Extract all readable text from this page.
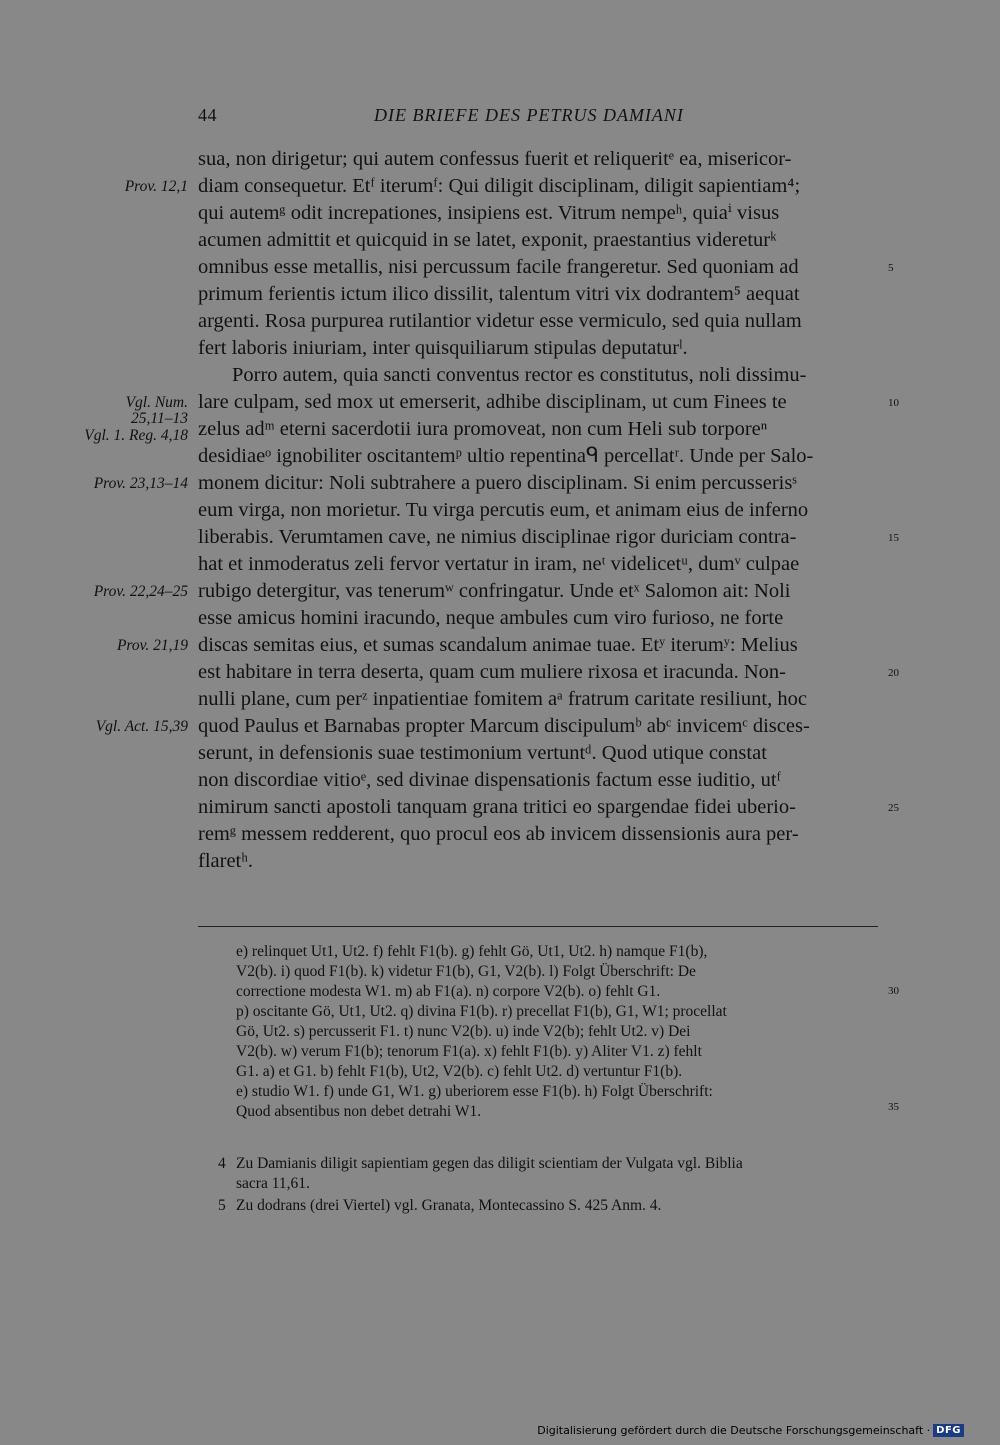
44	DIE BRIEFE DES PETRUS DAMIANI
sua, non dirigetur; qui autem confessus fuerit et reliqueritᵉ ea, misericor-
diam consequetur. Etᶠ iterumᶠ: Qui diligit disciplinam, diligit sapientiam⁴;
qui autemᵍ odit increpationes, insipiens est. Vitrum nempeʰ, quiaⁱ visus
acumen admittit et quicquid in se latet, exponit, praestantius videreturᵏ
omnibus esse metallis, nisi percussum facile frangeretur. Sed quoniam ad
primum ferientis ictum ilico dissilit, talentum vitri vix dodrantem⁵ aequat
argenti. Rosa purpurea rutilantior videtur esse vermiculo, sed quia nullam
fert laboris iniuriam, inter quisquiliarum stipulas deputaturˡ.
Porro autem, quia sancti conventus rector es constitutus, noli dissimu-
lare culpam, sed mox ut emerserit, adhibe disciplinam, ut cum Finees te
zelus adᵐ eterni sacerdotii iura promoveat, non cum Heli sub torporeⁿ
desidiaeᵒ ignobiliter oscitantemᵖ ultio repentinaᑫ percellatʳ. Unde per Salo-
monem dicitur: Noli subtrahere a puero disciplinam. Si enim percusserisˢ
eum virga, non morietur. Tu virga percutis eum, et animam eius de inferno
liberabis. Verumtamen cave, ne nimius disciplinae rigor duriciam contra-
hat et inmoderatus zeli fervor vertatur in iram, neᵗ videlicetᵘ, dumᵛ culpae
rubigo detergitur, vas tenerumʷ confringatur. Unde etˣ Salomon ait: Noli
esse amicus homini iracundo, neque ambules cum viro furioso, ne forte
discas semitas eius, et sumas scandalum animae tuae. Etʸ iterumʸ: Melius
est habitare in terra deserta, quam cum muliere rixosa et iracunda. Non-
nulli plane, cum perᶻ inpatientiae fomitem aᵃ fratrum caritate resiliunt, hoc
quod Paulus et Barnabas propter Marcum discipulumᵇ abᶜ invicemᶜ disces-
serunt, in defensionis suae testimonium vertuntᵈ. Quod utique constat
non discordiae vitioᵉ, sed divinae dispensationis factum esse iuditio, utᶠ
nimirum sancti apostoli tanquam grana tritici eo spargendae fidei uberio-
remᵍ messem redderent, quo procul eos ab invicem dissensionis aura per-
flaretʰ.
Prov. 12,1
Vgl. Num.
25,11–13
Vgl. 1. Reg. 4,18
Prov. 23,13–14
Prov. 22,24–25
Prov. 21,19
Vgl. Act. 15,39
5
10
15
20
25
30
35
e) relinquet Ut1, Ut2. f) fehlt F1(b). g) fehlt Gö, Ut1, Ut2. h) namque F1(b),
V2(b). i) quod F1(b). k) videtur F1(b), G1, V2(b). l) Folgt Überschrift: De
correctione modesta W1. m) ab F1(a). n) corpore V2(b). o) fehlt G1.
p) oscitante Gö, Ut1, Ut2. q) divina F1(b). r) precellat F1(b), G1, W1; procellat
Gö, Ut2. s) percusserit F1. t) nunc V2(b). u) inde V2(b); fehlt Ut2. v) Dei
V2(b). w) verum F1(b); tenorum F1(a). x) fehlt F1(b). y) Aliter V1. z) fehlt
G1. a) et G1. b) fehlt F1(b), Ut2, V2(b). c) fehlt Ut2. d) vertuntur F1(b).
e) studio W1. f) unde G1, W1. g) uberiorem esse F1(b). h) Folgt Überschrift:
Quod absentibus non debet detrahi W1.
4 Zu Damianis diligit sapientiam gegen das diligit scientiam der Vulgata vgl. Biblia
sacra 11,61.
5 Zu dodrans (drei Viertel) vgl. Granata, Montecassino S. 425 Anm. 4.
Digitalisierung gefördert durch die Deutsche Forschungsgemeinschaft · DFG
